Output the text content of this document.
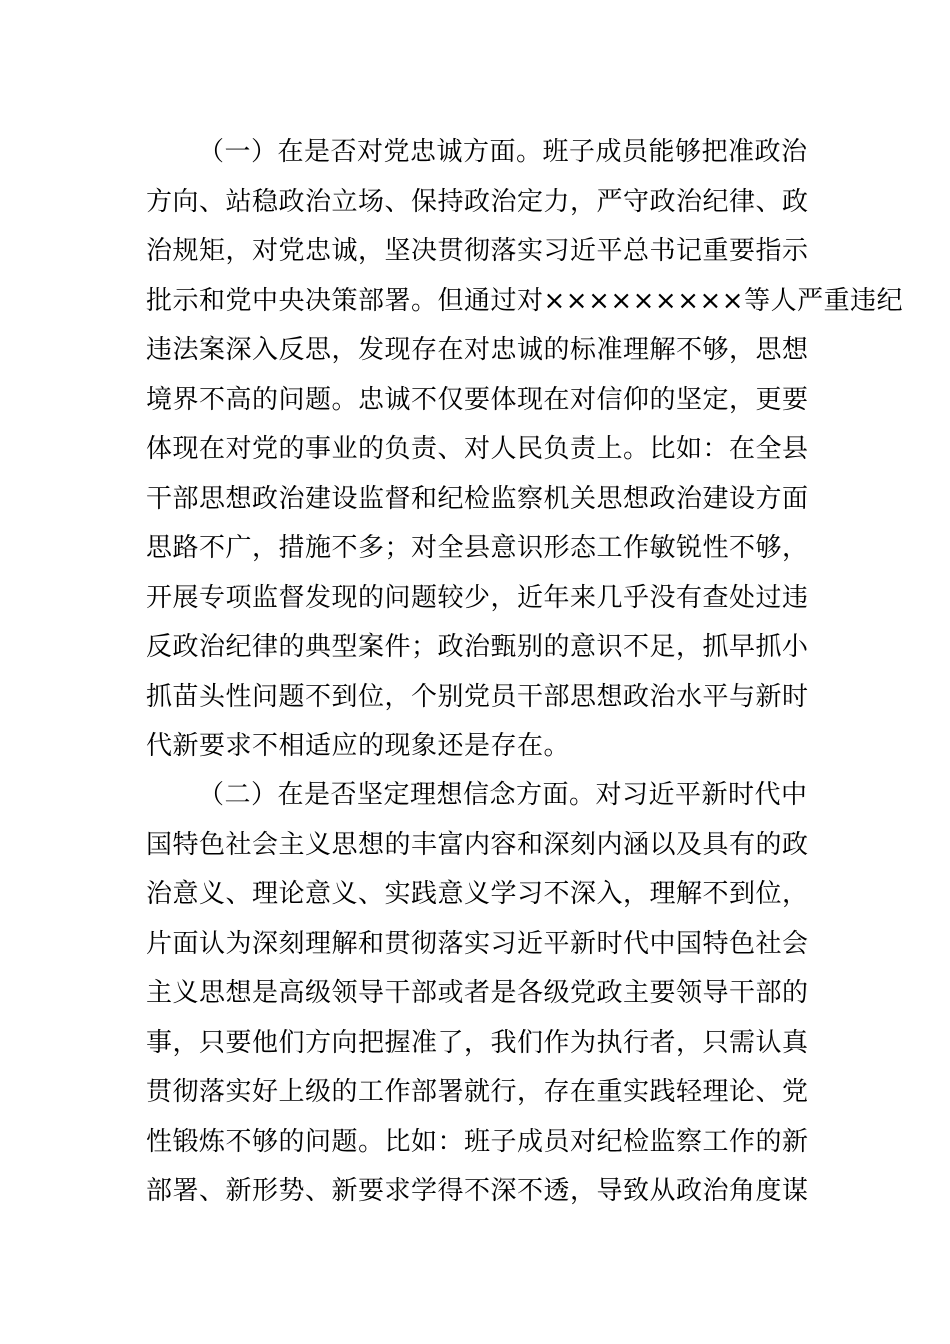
（一）在是否对党忠诚方面。班子成员能够把准政治
方向、站稳政治立场、保持政治定力，严守政治纪律、政
治规矩，对党忠诚，坚决贯彻落实习近平总书记重要指示
批示和党中央决策部署。但通过对×××××××××等人严重违纪
违法案深入反思，发现存在对忠诚的标准理解不够，思想
境界不高的问题。忠诚不仅要体现在对信仰的坚定，更要
体现在对党的事业的负责、对人民负责上。比如：在全县
干部思想政治建设监督和纪检监察机关思想政治建设方面
思路不广，措施不多；对全县意识形态工作敏锐性不够，
开展专项监督发现的问题较少，近年来几乎没有查处过违
反政治纪律的典型案件；政治甄别的意识不足，抓早抓小
抓苗头性问题不到位，个别党员干部思想政治水平与新时
代新要求不相适应的现象还是存在。
（二）在是否坚定理想信念方面。对习近平新时代中
国特色社会主义思想的丰富内容和深刻内涵以及具有的政
治意义、理论意义、实践意义学习不深入，理解不到位，
片面认为深刻理解和贯彻落实习近平新时代中国特色社会
主义思想是高级领导干部或者是各级党政主要领导干部的
事，只要他们方向把握准了，我们作为执行者，只需认真
贯彻落实好上级的工作部署就行，存在重实践轻理论、党
性锻炼不够的问题。比如：班子成员对纪检监察工作的新
部署、新形势、新要求学得不深不透，导致从政治角度谋
